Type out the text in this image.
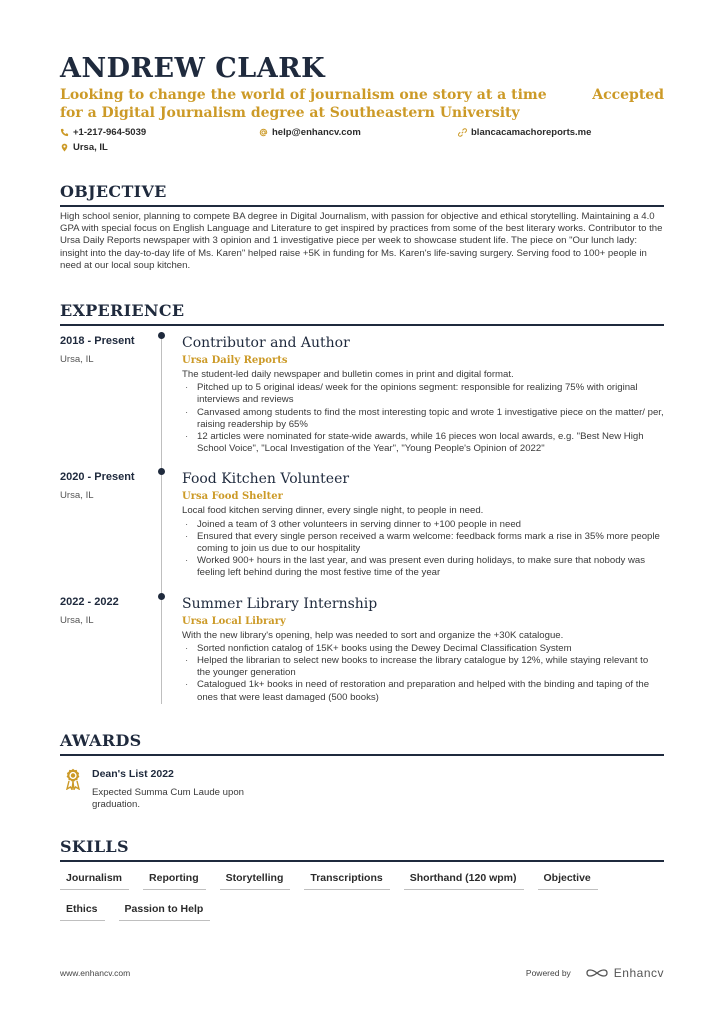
ANDREW CLARK
Looking to change the world of journalism one story at a time	Accepted
for a Digital Journalism degree at Southeastern University
+1-217-964-5039	help@enhancv.com	blancacamachoreports.me
Ursa, IL
OBJECTIVE
High school senior, planning to compete BA degree in Digital Journalism, with passion for objective and ethical storytelling. Maintaining a 4.0 GPA with special focus on English Language and Literature to get inspired by practices from some of the best literary works. Contributor to the Ursa Daily Reports newspaper with 3 opinion and 1 investigative piece per week to showcase student life. The piece on "Our lunch lady: insight into the day-to-day life of Ms. Karen" helped raise +5K in funding for Ms. Karen's life-saving surgery. Serving food to 100+ people in need at our local soup kitchen.
EXPERIENCE
2018 - Present
Ursa, IL
Contributor and Author
Ursa Daily Reports
The student-led daily newspaper and bulletin comes in print and digital format.
· Pitched up to 5 original ideas/ week for the opinions segment: responsible for realizing 75% with original interviews and reviews
· Canvased among students to find the most interesting topic and wrote 1 investigative piece on the matter/ per, raising readership by 65%
· 12 articles were nominated for state-wide awards, while 16 pieces won local awards, e.g. "Best New High School Voice", "Local Investigation of the Year", "Young People's Opinion of 2022"
2020 - Present
Ursa, IL
Food Kitchen Volunteer
Ursa Food Shelter
Local food kitchen serving dinner, every single night, to people in need.
· Joined a team of 3 other volunteers in serving dinner to +100 people in need
· Ensured that every single person received a warm welcome: feedback forms mark a rise in 35% more people coming to join us due to our hospitality
· Worked 900+ hours in the last year, and was present even during holidays, to make sure that nobody was feeling left behind during the most festive time of the year
2022 - 2022
Ursa, IL
Summer Library Internship
Ursa Local Library
With the new library's opening, help was needed to sort and organize the +30K catalogue.
· Sorted nonfiction catalog of 15K+ books using the Dewey Decimal Classification System
· Helped the librarian to select new books to increase the library catalogue by 12%, while staying relevant to the younger generation
· Catalogued 1k+ books in need of restoration and preparation and helped with the binding and taping of the ones that were least damaged (500 books)
AWARDS
Dean's List 2022
Expected Summa Cum Laude upon graduation.
SKILLS
Journalism	Reporting	Storytelling	Transcriptions	Shorthand (120 wpm)	Objective
Ethics	Passion to Help
www.enhancv.com	Powered by	Enhancv
